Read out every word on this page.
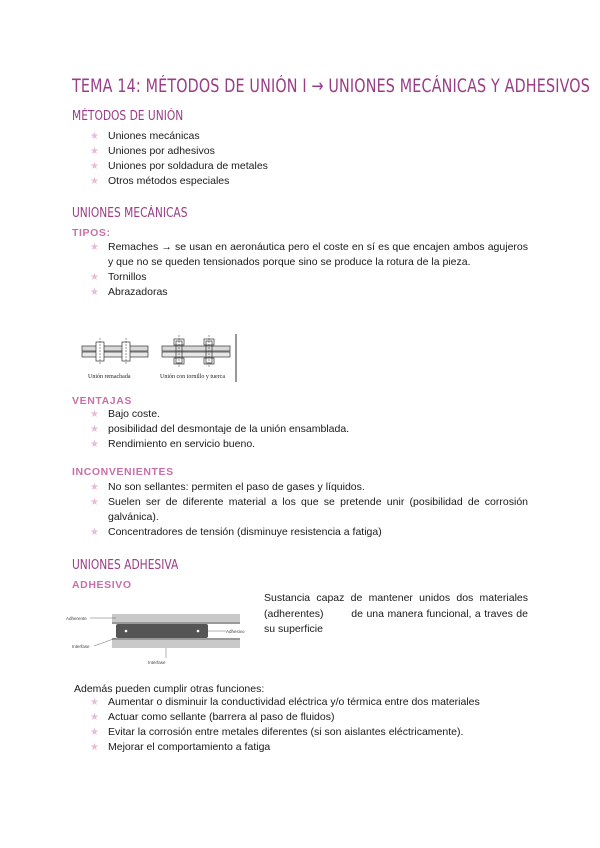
TEMA 14: MÉTODOS DE UNIÓN I → UNIONES MECÁNICAS Y ADHESIVOS
MÉTODOS DE UNIÓN
★ Uniones mecánicas
★ Uniones por adhesivos
★ Uniones por soldadura de metales
★ Otros métodos especiales
UNIONES MECÁNICAS
TIPOS:
★ Remaches → se usan en aeronáutica pero el coste en sí es que encajen ambos agujeros y que no se queden tensionados porque sino se produce la rotura de la pieza.
★ Tornillos
★ Abrazadoras
Unión remachada	Unión con tornillo y tuerca
VENTAJAS
★ Bajo coste.
★ posibilidad del desmontaje de la unión ensamblada.
★ Rendimiento en servicio bueno.
INCONVENIENTES
★ No son sellantes: permiten el paso de gases y líquidos.
★ Suelen ser de diferente material a los que se pretende unir (posibilidad de corrosión galvánica).
★ Concentradores de tensión (disminuye resistencia a fatiga)
UNIONES ADHESIVA
ADHESIVO
Adherente
Adhesivo
Interfase
Interfase
Sustancia capaz de mantener unidos dos materiales (adherentes)        de una manera funcional, a traves de su superficie
Además pueden cumplir otras funciones:
★ Aumentar o disminuir la conductividad eléctrica y/o térmica entre dos materiales
★ Actuar como sellante (barrera al paso de fluidos)
★ Evitar la corrosión entre metales diferentes (si son aislantes eléctricamente).
★ Mejorar el comportamiento a fatiga
